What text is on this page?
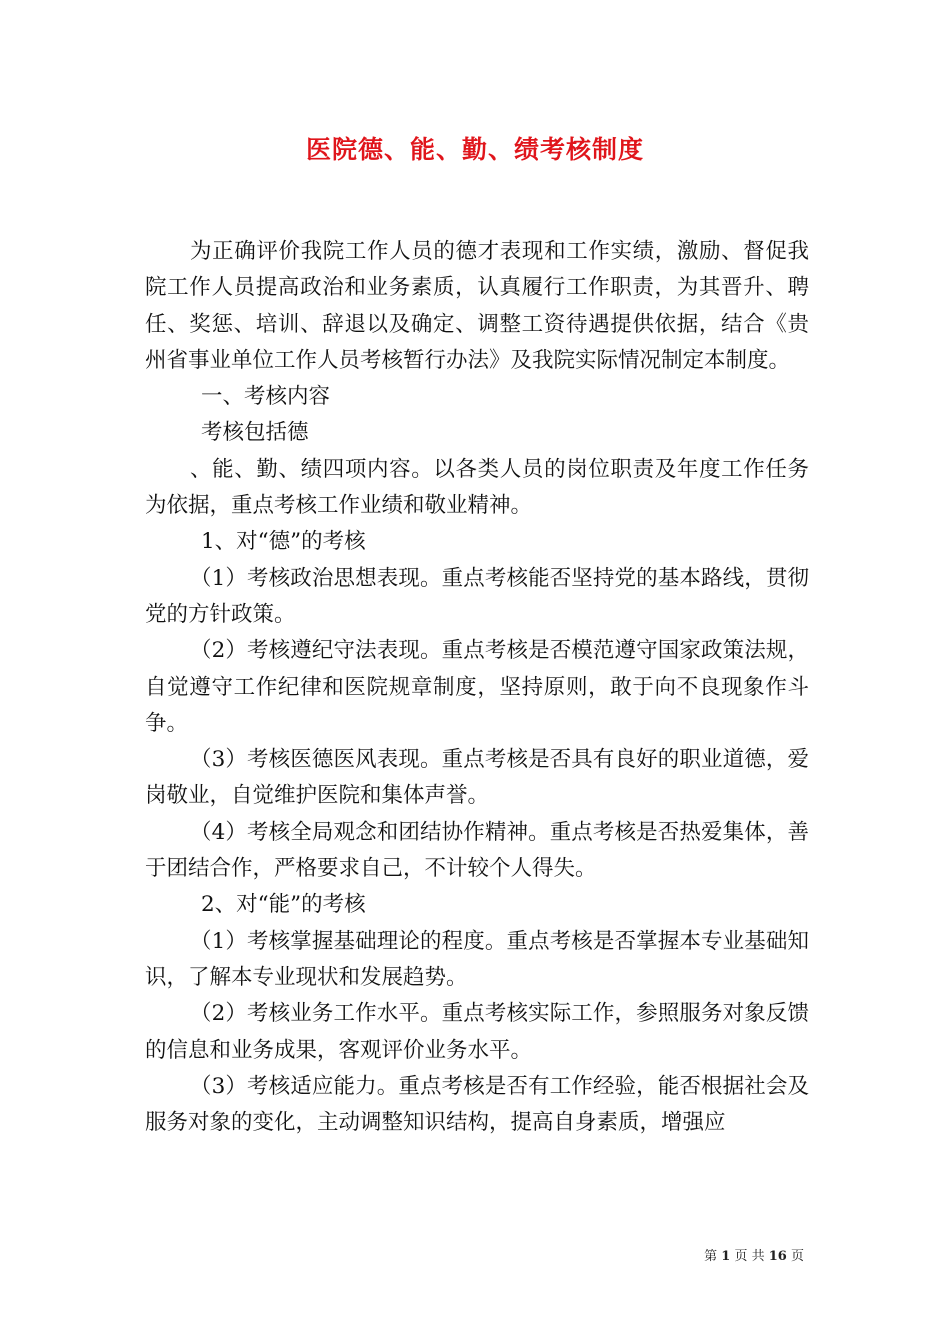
医院德、能、勤、绩考核制度

为正确评价我院工作人员的德才表现和工作实绩，激励、督促我院工作人员提高政治和业务素质，认真履行工作职责，为其晋升、聘任、奖惩、培训、辞退以及确定、调整工资待遇提供依据，结合《贵州省事业单位工作人员考核暂行办法》及我院实际情况制定本制度。

一、考核内容

考核包括德

、能、勤、绩四项内容。以各类人员的岗位职责及年度工作任务为依据，重点考核工作业绩和敬业精神。

1、对“德”的考核

（1）考核政治思想表现。重点考核能否坚持党的基本路线，贯彻党的方针政策。

（2）考核遵纪守法表现。重点考核是否模范遵守国家政策法规，自觉遵守工作纪律和医院规章制度，坚持原则，敢于向不良现象作斗争。

（3）考核医德医风表现。重点考核是否具有良好的职业道德，爱岗敬业，自觉维护医院和集体声誉。

（4）考核全局观念和团结协作精神。重点考核是否热爱集体，善于团结合作，严格要求自己，不计较个人得失。

2、对“能”的考核

（1）考核掌握基础理论的程度。重点考核是否掌握本专业基础知识，了解本专业现状和发展趋势。

（2）考核业务工作水平。重点考核实际工作，参照服务对象反馈的信息和业务成果，客观评价业务水平。

（3）考核适应能力。重点考核是否有工作经验，能否根据社会及服务对象的变化，主动调整知识结构，提高自身素质，增强应

第 1 页 共 16 页
